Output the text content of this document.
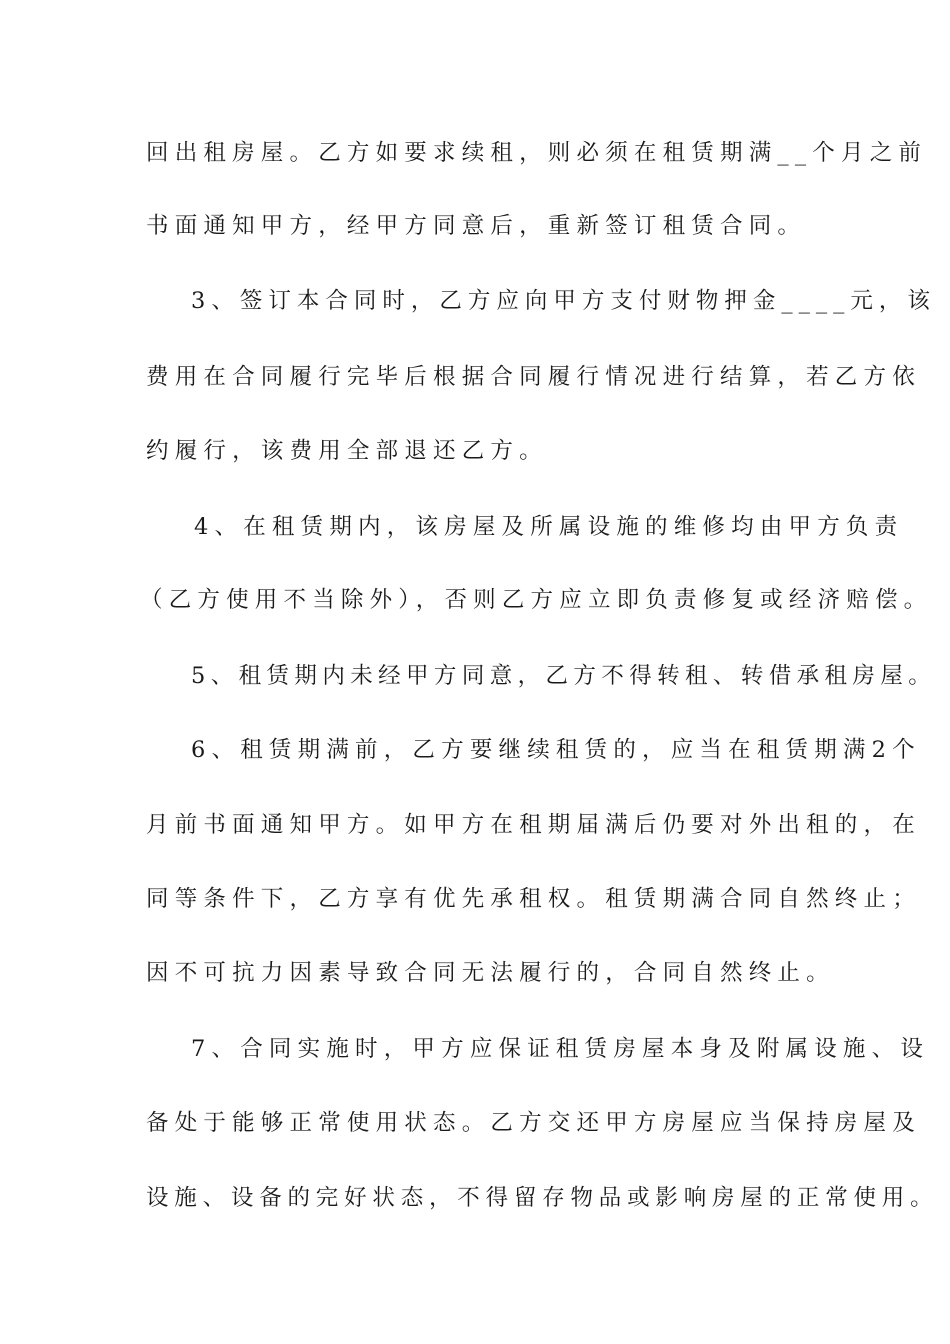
回出租房屋。乙方如要求续租，则必须在租赁期满__个月之前
书面通知甲方，经甲方同意后，重新签订租赁合同。
3、签订本合同时，乙方应向甲方支付财物押金____元，该
费用在合同履行完毕后根据合同履行情况进行结算，若乙方依
约履行，该费用全部退还乙方。
4、在租赁期内，该房屋及所属设施的维修均由甲方负责
（乙方使用不当除外），否则乙方应立即负责修复或经济赔偿。
5、租赁期内未经甲方同意，乙方不得转租、转借承租房屋。
6、租赁期满前，乙方要继续租赁的，应当在租赁期满2个
月前书面通知甲方。如甲方在租期届满后仍要对外出租的，在
同等条件下，乙方享有优先承租权。租赁期满合同自然终止；
因不可抗力因素导致合同无法履行的，合同自然终止。
7、合同实施时，甲方应保证租赁房屋本身及附属设施、设
备处于能够正常使用状态。乙方交还甲方房屋应当保持房屋及
设施、设备的完好状态，不得留存物品或影响房屋的正常使用。
